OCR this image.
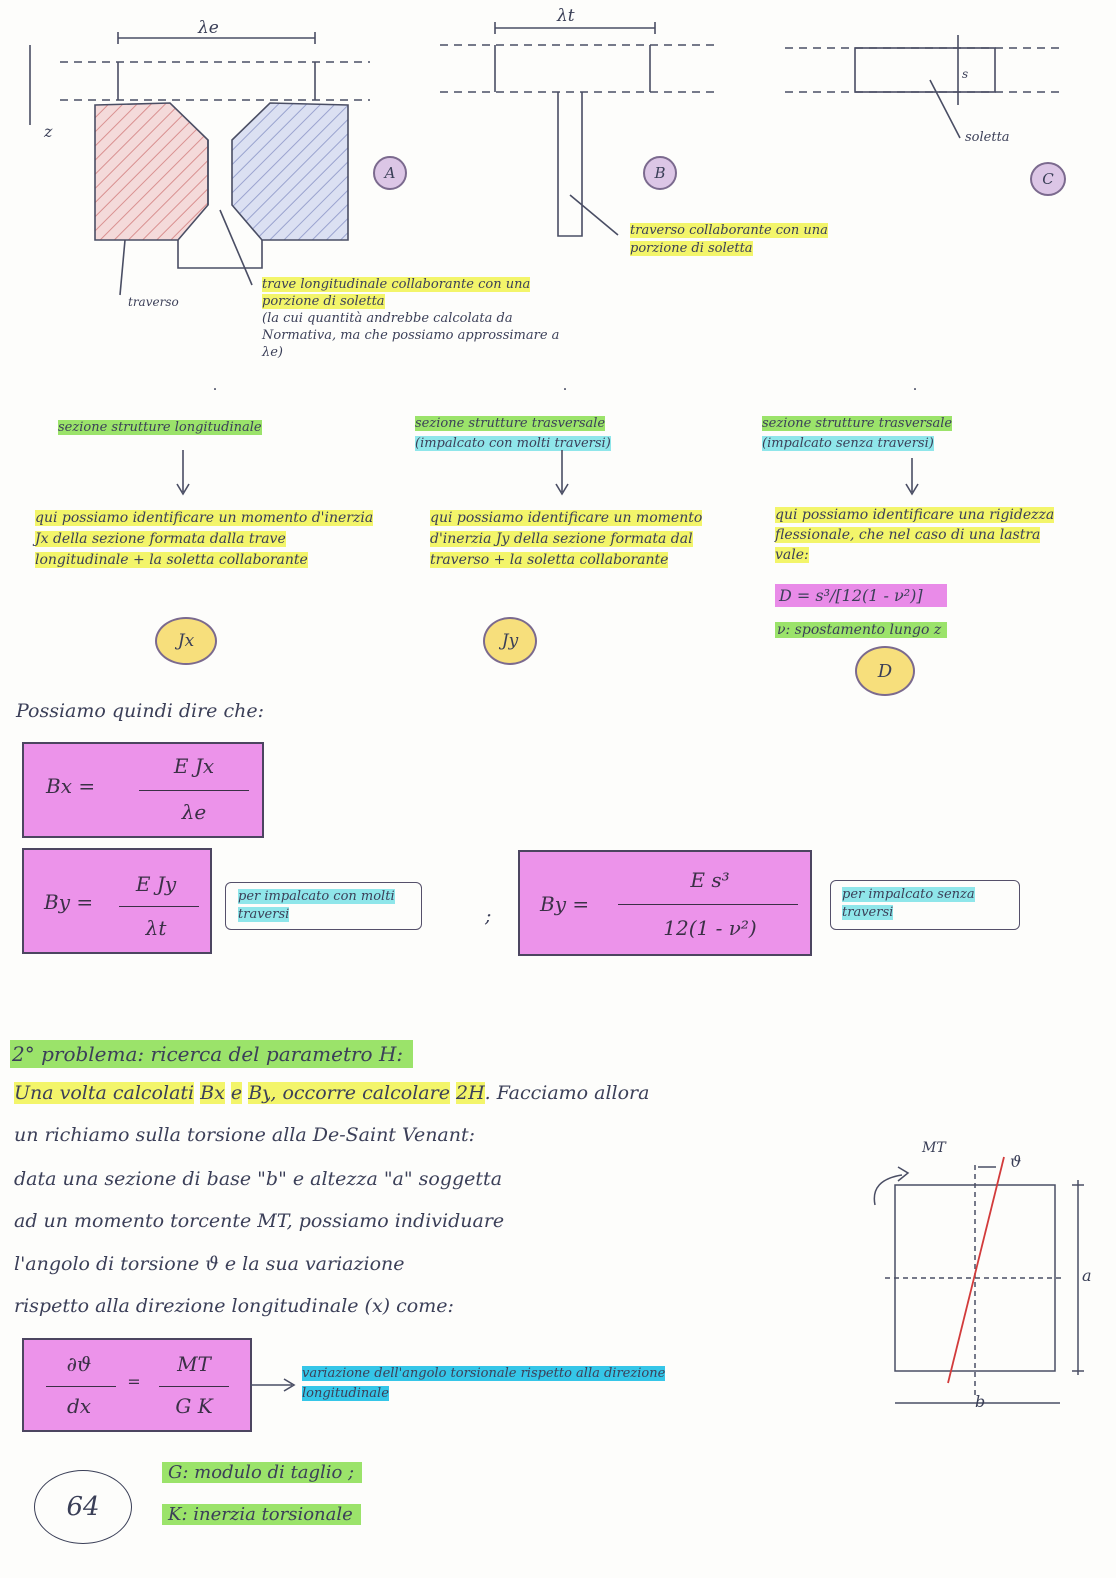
λe
λt
z
A	B	C
traverso
trave longitudinale collaborante con una porzione di soletta
(la cui quantità andrebbe calcolata da Normativa, ma che possiamo approssimare a λe)
traverso collaborante con una porzione di soletta
soletta
s
sezione strutture longitudinale	sezione strutture trasversale
(impalcato con molti traversi)
sezione strutture trasversale
(impalcato senza traversi)
qui possiamo identificare un momento d'inerzia Jx della sezione formata dalla trave longitudinale + la soletta collaborante
qui possiamo identificare un momento d'inerzia Jy della sezione formata dal traverso + la soletta collaborante
qui possiamo identificare una rigidezza flessionale, che nel caso di una lastra vale:
D = s³/[12(1 - ν²)]
ν: spostamento lungo z
Jx	Jy
D
Possiamo quindi dire che:
Bx =
E Jx
λe
By =
E Jy
λt
per impalcato con molti traversi	; By =
E s³
12(1 - ν²)
per impalcato senza traversi
2° problema: ricerca del parametro H:
Una volta calcolati Bx e By, occorre calcolare 2H. Facciamo allora
un richiamo sulla torsione alla De-Saint Venant:
data una sezione di base "b" e altezza "a" soggetta
ad un momento torcente MT, possiamo individuare
l'angolo di torsione ϑ e la sua variazione
rispetto alla direzione longitudinale (x) come:
MT
ϑ
a
b
∂ϑ
dx
=
MT
G K
variazione dell'angolo torsionale rispetto alla direzione longitudinale
G: modulo di taglio ;
K: inerzia torsionale
64
